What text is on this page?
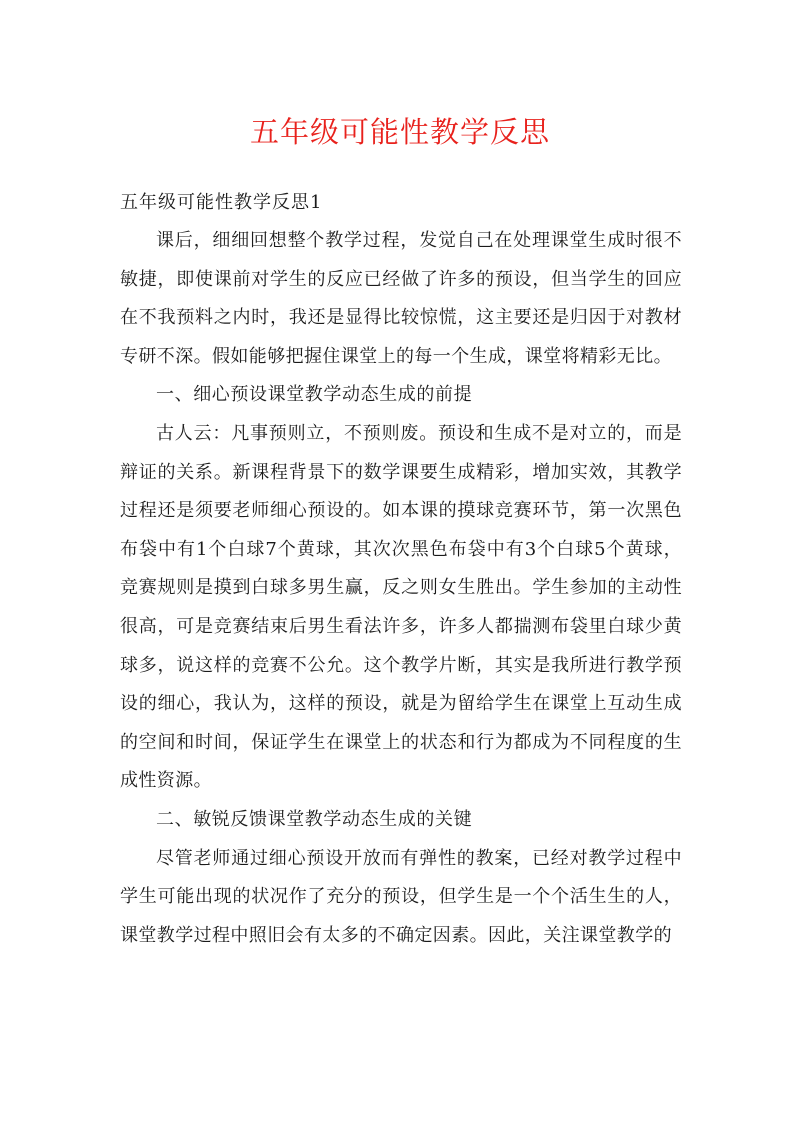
五年级可能性教学反思

五年级可能性教学反思1

课后，细细回想整个教学过程，发觉自己在处理课堂生成时很不敏捷，即使课前对学生的反应已经做了许多的预设，但当学生的回应在不我预料之内时，我还是显得比较惊慌，这主要还是归因于对教材专研不深。假如能够把握住课堂上的每一个生成，课堂将精彩无比。

一、细心预设课堂教学动态生成的前提

古人云：凡事预则立，不预则废。预设和生成不是对立的，而是辩证的关系。新课程背景下的数学课要生成精彩，增加实效，其教学过程还是须要老师细心预设的。如本课的摸球竞赛环节，第一次黑色布袋中有1个白球7个黄球，其次次黑色布袋中有3个白球5个黄球，竞赛规则是摸到白球多男生赢，反之则女生胜出。学生参加的主动性很高，可是竞赛结束后男生看法许多，许多人都揣测布袋里白球少黄球多，说这样的竞赛不公允。这个教学片断，其实是我所进行教学预设的细心，我认为，这样的预设，就是为留给学生在课堂上互动生成的空间和时间，保证学生在课堂上的状态和行为都成为不同程度的生成性资源。

二、敏锐反馈课堂教学动态生成的关键

尽管老师通过细心预设开放而有弹性的教案，已经对教学过程中学生可能出现的状况作了充分的预设，但学生是一个个活生生的人，课堂教学过程中照旧会有太多的不确定因素。因此，关注课堂教学的
